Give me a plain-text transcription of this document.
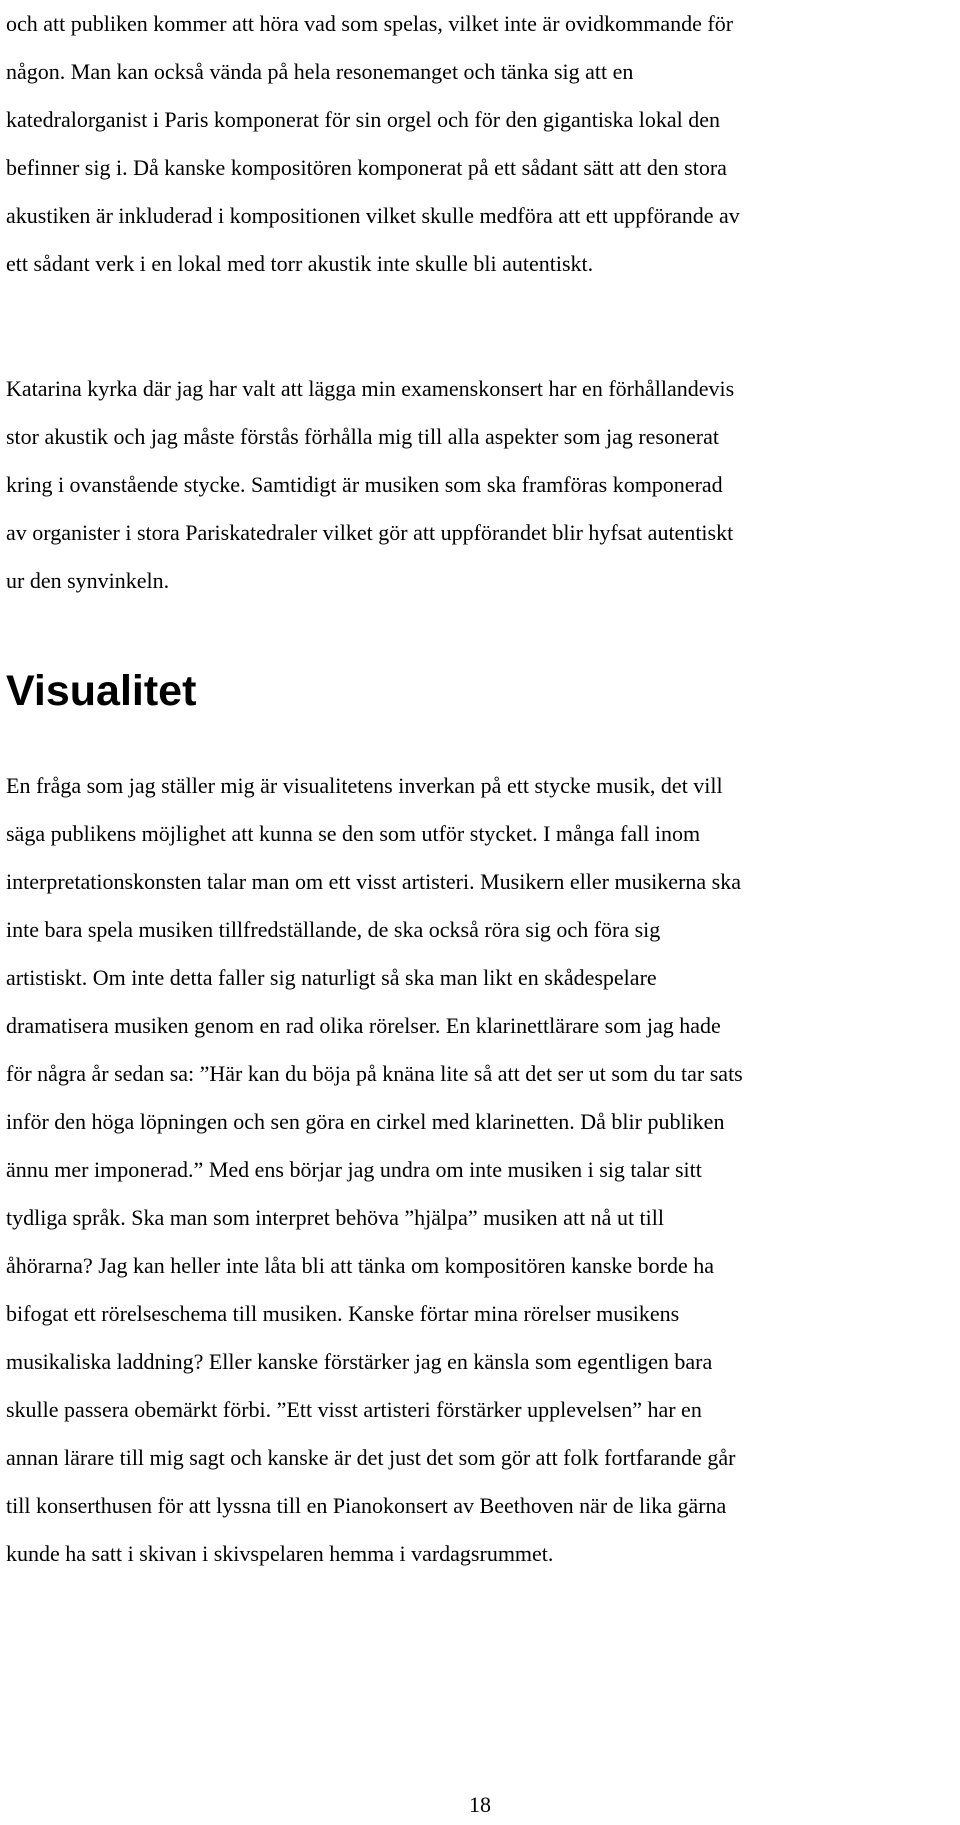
och att publiken kommer att höra vad som spelas, vilket inte är ovidkommande för
någon. Man kan också vända på hela resonemanget och tänka sig att en
katedralorganist i Paris komponerat för sin orgel och för den gigantiska lokal den
befinner sig i. Då kanske kompositören komponerat på ett sådant sätt att den stora
akustiken är inkluderad i kompositionen vilket skulle medföra att ett uppförande av
ett sådant verk i en lokal med torr akustik inte skulle bli autentiskt.

Katarina kyrka där jag har valt att lägga min examenskonsert har en förhållandevis
stor akustik och jag måste förstås förhålla mig till alla aspekter som jag resonerat
kring i ovanstående stycke. Samtidigt är musiken som ska framföras komponerad
av organister i stora Pariskatedraler vilket gör att uppförandet blir hyfsat autentiskt
ur den synvinkeln.

Visualitet

En fråga som jag ställer mig är visualitetens inverkan på ett stycke musik, det vill
säga publikens möjlighet att kunna se den som utför stycket. I många fall inom
interpretationskonsten talar man om ett visst artisteri. Musikern eller musikerna ska
inte bara spela musiken tillfredställande, de ska också röra sig och föra sig
artistiskt. Om inte detta faller sig naturligt så ska man likt en skådespelare
dramatisera musiken genom en rad olika rörelser. En klarinettlärare som jag hade
för några år sedan sa: ”Här kan du böja på knäna lite så att det ser ut som du tar sats
inför den höga löpningen och sen göra en cirkel med klarinetten. Då blir publiken
ännu mer imponerad.” Med ens börjar jag undra om inte musiken i sig talar sitt
tydliga språk. Ska man som interpret behöva ”hjälpa” musiken att nå ut till
åhörarna? Jag kan heller inte låta bli att tänka om kompositören kanske borde ha
bifogat ett rörelseschema till musiken. Kanske förtar mina rörelser musikens
musikaliska laddning? Eller kanske förstärker jag en känsla som egentligen bara
skulle passera obemärkt förbi. ”Ett visst artisteri förstärker upplevelsen” har en
annan lärare till mig sagt och kanske är det just det som gör att folk fortfarande går
till konserthusen för att lyssna till en Pianokonsert av Beethoven när de lika gärna
kunde ha satt i skivan i skivspelaren hemma i vardagsrummet.

18
